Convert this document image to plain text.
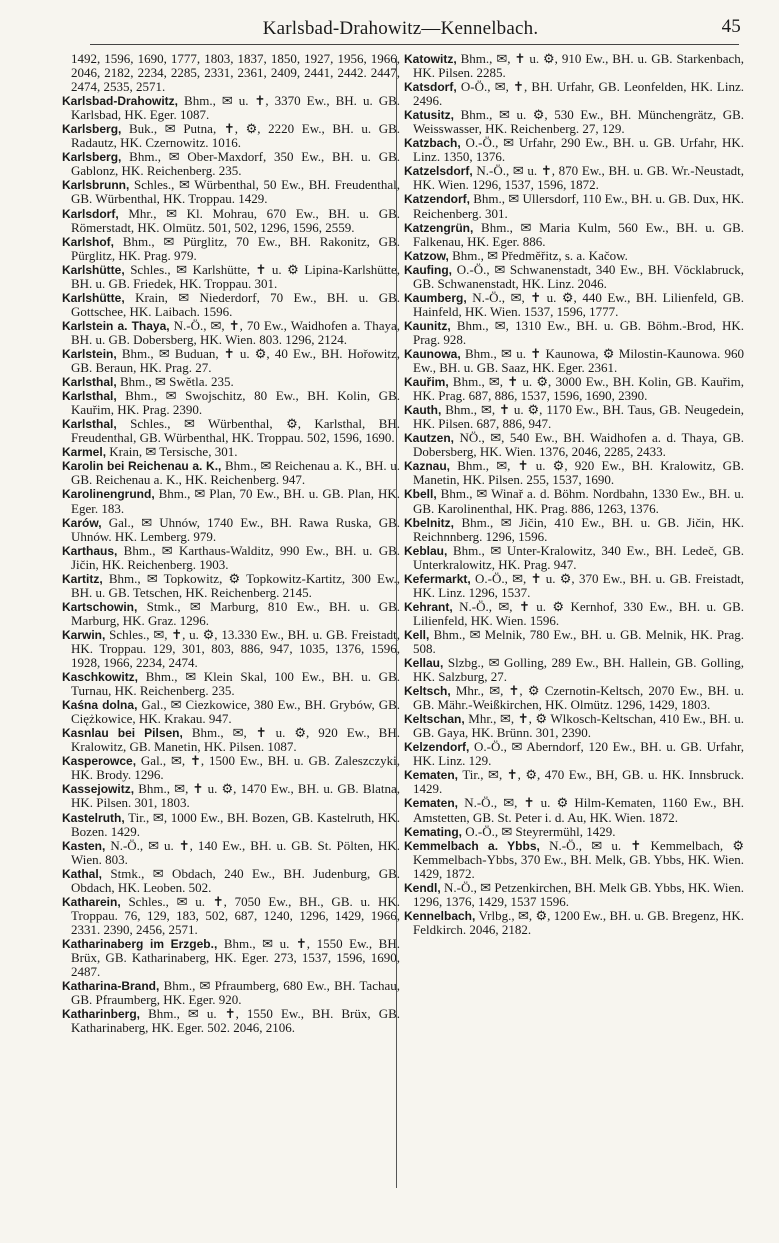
Karlsbad-Drahowitz—Kennelbach.	45

1492, 1596, 1690, 1777, 1803, 1837, 1850, 1927, 1956, 1966, 2046, 2182, 2234, 2285, 2331, 2361, 2409, 2441, 2442. 2447, 2474, 2535, 2571.

Karlsbad-Drahowitz, Bhm., ✉ u. ✝, 3370 Ew., BH. u. GB. Karlsbad, HK. Eger. 1087.

Karlsberg, Buk., ✉ Putna, ✝, ⚙, 2220 Ew., BH. u. GB. Radautz, HK. Czernowitz. 1016.

Karlsberg, Bhm., ✉ Ober-Maxdorf, 350 Ew., BH. u. GB. Gablonz, HK. Reichenberg. 235.

Karlsbrunn, Schles., ✉ Würbenthal, 50 Ew., BH. Freudenthal, GB. Würbenthal, HK. Troppau. 1429.

Karlsdorf, Mhr., ✉ Kl. Mohrau, 670 Ew., BH. u. GB. Römerstadt, HK. Olmütz. 501, 502, 1296, 1596, 2559.

Karlshof, Bhm., ✉ Pürglitz, 70 Ew., BH. Rakonitz, GB. Pürglitz, HK. Prag. 979.

Karlshütte, Schles., ✉ Karlshütte, ✝ u. ⚙ Lipina-Karlshütte, BH. u. GB. Friedek, HK. Troppau. 301.

Karlshütte, Krain, ✉ Niederdorf, 70 Ew., BH. u. GB. Gottschee, HK. Laibach. 1596.

Karlstein a. Thaya, N.-Ö., ✉, ✝, 70 Ew., Waidhofen a. Thaya, BH. u. GB. Dobersberg, HK. Wien. 803. 1296, 2124.

Karlstein, Bhm., ✉ Buduan, ✝ u. ⚙, 40 Ew., BH. Hořowitz, GB. Beraun, HK. Prag. 27.

Karlsthal, Bhm., ✉ Swětla. 235.

Karlsthal, Bhm., ✉ Swojschitz, 80 Ew., BH. Kolin, GB. Kauřim, HK. Prag. 2390.

Karlsthal, Schles., ✉ Würbenthal, ⚙, Karlsthal, BH. Freudenthal, GB. Würbenthal, HK. Troppau. 502, 1596, 1690.

Karmel, Krain, ✉ Tersische, 301.

Karolin bei Reichenau a. K., Bhm., ✉ Reichenau a. K., BH. u. GB. Reichenau a. K., HK. Reichenberg. 947.

Karolinengrund, Bhm., ✉ Plan, 70 Ew., BH. u. GB. Plan, HK. Eger. 183.

Karów, Gal., ✉ Uhnów, 1740 Ew., BH. Rawa Ruska, GB. Uhnów. HK. Lemberg. 979.

Karthaus, Bhm., ✉ Karthaus-Walditz, 990 Ew., BH. u. GB. Jičin, HK. Reichenberg. 1903.

Kartitz, Bhm., ✉ Topkowitz, ⚙ Topkowitz-Kartitz, 300 Ew., BH. u. GB. Tetschen, HK. Reichenberg. 2145.

Kartschowin, Stmk., ✉ Marburg, 810 Ew., BH. u. GB. Marburg, HK. Graz. 1296.

Karwin, Schles., ✉, ✝, u. ⚙, 13.330 Ew., BH. u. GB. Freistadt, HK. Troppau. 129, 301, 803, 886, 947, 1035, 1376, 1596, 1928, 1966, 2234, 2474.

Kaschkowitz, Bhm., ✉ Klein Skal, 100 Ew., BH. u. GB. Turnau, HK. Reichenberg. 235.

Kaśna dolna, Gal., ✉ Ciezkowice, 380 Ew., BH. Grybów, GB. Ciężkowice, HK. Krakau. 947.

Kasnlau bei Pilsen, Bhm., ✉, ✝ u. ⚙, 920 Ew., BH. Kralowitz, GB. Manetin, HK. Pilsen. 1087.

Kasperowce, Gal., ✉, ✝, 1500 Ew., BH. u. GB. Zaleszczyki, HK. Brody. 1296.

Kassejowitz, Bhm., ✉, ✝ u. ⚙, 1470 Ew., BH. u. GB. Blatna, HK. Pilsen. 301, 1803.

Kastelruth, Tir., ✉, 1000 Ew., BH. Bozen, GB. Kastelruth, HK. Bozen. 1429.

Kasten, N.-Ö., ✉ u. ✝, 140 Ew., BH. u. GB. St. Pölten, HK. Wien. 803.

Kathal, Stmk., ✉ Obdach, 240 Ew., BH. Judenburg, GB. Obdach, HK. Leoben. 502.

Katharein, Schles., ✉ u. ✝, 7050 Ew., BH., GB. u. HK. Troppau. 76, 129, 183, 502, 687, 1240, 1296, 1429, 1966, 2331. 2390, 2456, 2571.

Katharinaberg im Erzgeb., Bhm., ✉ u. ✝, 1550 Ew., BH. Brüx, GB. Katharinaberg, HK. Eger. 273, 1537, 1596, 1690, 2487.

Katharina-Brand, Bhm., ✉ Pfraumberg, 680 Ew., BH. Tachau, GB. Pfraumberg, HK. Eger. 920.

Katharinberg, Bhm., ✉ u. ✝, 1550 Ew., BH. Brüx, GB. Katharinaberg, HK. Eger. 502. 2046, 2106.

Katowitz, Bhm., ✉, ✝ u. ⚙, 910 Ew., BH. u. GB. Starkenbach, HK. Pilsen. 2285.

Katsdorf, O-Ö., ✉, ✝, BH. Urfahr, GB. Leonfelden, HK. Linz. 2496.

Katusitz, Bhm., ✉ u. ⚙, 530 Ew., BH. Münchengrätz, GB. Weisswasser, HK. Reichenberg. 27, 129.

Katzbach, O.-Ö., ✉ Urfahr, 290 Ew., BH. u. GB. Urfahr, HK. Linz. 1350, 1376.

Katzelsdorf, N.-Ö., ✉ u. ✝, 870 Ew., BH. u. GB. Wr.-Neustadt, HK. Wien. 1296, 1537, 1596, 1872.

Katzendorf, Bhm., ✉ Ullersdorf, 110 Ew., BH. u. GB. Dux, HK. Reichenberg. 301.

Katzengrün, Bhm., ✉ Maria Kulm, 560 Ew., BH. u. GB. Falkenau, HK. Eger. 886.

Katzow, Bhm., ✉ Předměřitz, s. a. Kačow.

Kaufing, O.-Ö., ✉ Schwanenstadt, 340 Ew., BH. Vöcklabruck, GB. Schwanenstadt, HK. Linz. 2046.

Kaumberg, N.-Ö., ✉, ✝ u. ⚙, 440 Ew., BH. Lilienfeld, GB. Hainfeld, HK. Wien. 1537, 1596, 1777.

Kaunitz, Bhm., ✉, 1310 Ew., BH. u. GB. Böhm.-Brod, HK. Prag. 928.

Kaunowa, Bhm., ✉ u. ✝ Kaunowa, ⚙ Milostin-Kaunowa. 960 Ew., BH. u. GB. Saaz, HK. Eger. 2361.

Kauřim, Bhm., ✉, ✝ u. ⚙, 3000 Ew., BH. Kolin, GB. Kauřim, HK. Prag. 687, 886, 1537, 1596, 1690, 2390.

Kauth, Bhm., ✉, ✝ u. ⚙, 1170 Ew., BH. Taus, GB. Neugedein, HK. Pilsen. 687, 886, 947.

Kautzen, NÖ., ✉, 540 Ew., BH. Waidhofen a. d. Thaya, GB. Dobersberg, HK. Wien. 1376, 2046, 2285, 2433.

Kaznau, Bhm., ✉, ✝ u. ⚙, 920 Ew., BH. Kralowitz, GB. Manetin, HK. Pilsen. 255, 1537, 1690.

Kbell, Bhm., ✉ Winař a. d. Böhm. Nordbahn, 1330 Ew., BH. u. GB. Karolinenthal, HK. Prag. 886, 1263, 1376.

Kbelnitz, Bhm., ✉ Jičin, 410 Ew., BH. u. GB. Jičin, HK. Reichnnberg. 1296, 1596.

Keblau, Bhm., ✉ Unter-Kralowitz, 340 Ew., BH. Ledeč, GB. Unterkralowitz, HK. Prag. 947.

Kefermarkt, O.-Ö., ✉, ✝ u. ⚙, 370 Ew., BH. u. GB. Freistadt, HK. Linz. 1296, 1537.

Kehrant, N.-Ö., ✉, ✝ u. ⚙ Kernhof, 330 Ew., BH. u. GB. Lilienfeld, HK. Wien. 1596.

Kell, Bhm., ✉ Melnik, 780 Ew., BH. u. GB. Melnik, HK. Prag. 508.

Kellau, Slzbg., ✉ Golling, 289 Ew., BH. Hallein, GB. Golling, HK. Salzburg, 27.

Keltsch, Mhr., ✉, ✝, ⚙ Czernotin-Keltsch, 2070 Ew., BH. u. GB. Mähr.-Weißkirchen, HK. Olmütz. 1296, 1429, 1803.

Keltschan, Mhr., ✉, ✝, ⚙ Wlkosch-Keltschan, 410 Ew., BH. u. GB. Gaya, HK. Brünn. 301, 2390.

Kelzendorf, O.-Ö., ✉ Aberndorf, 120 Ew., BH. u. GB. Urfahr, HK. Linz. 129.

Kematen, Tir., ✉, ✝, ⚙, 470 Ew., BH, GB. u. HK. Innsbruck. 1429.

Kematen, N.-Ö., ✉, ✝ u. ⚙ Hilm-Kematen, 1160 Ew., BH. Amstetten, GB. St. Peter i. d. Au, HK. Wien. 1872.

Kemating, O.-Ö., ✉ Steyrermühl, 1429.

Kemmelbach a. Ybbs, N.-Ö., ✉ u. ✝ Kemmelbach, ⚙ Kemmelbach-Ybbs, 370 Ew., BH. Melk, GB. Ybbs, HK. Wien. 1429, 1872.

Kendl, N.-Ö., ✉ Petzenkirchen, BH. Melk GB. Ybbs, HK. Wien. 1296, 1376, 1429, 1537 1596.

Kennelbach, Vrlbg., ✉, ⚙, 1200 Ew., BH. u. GB. Bregenz, HK. Feldkirch. 2046, 2182.
